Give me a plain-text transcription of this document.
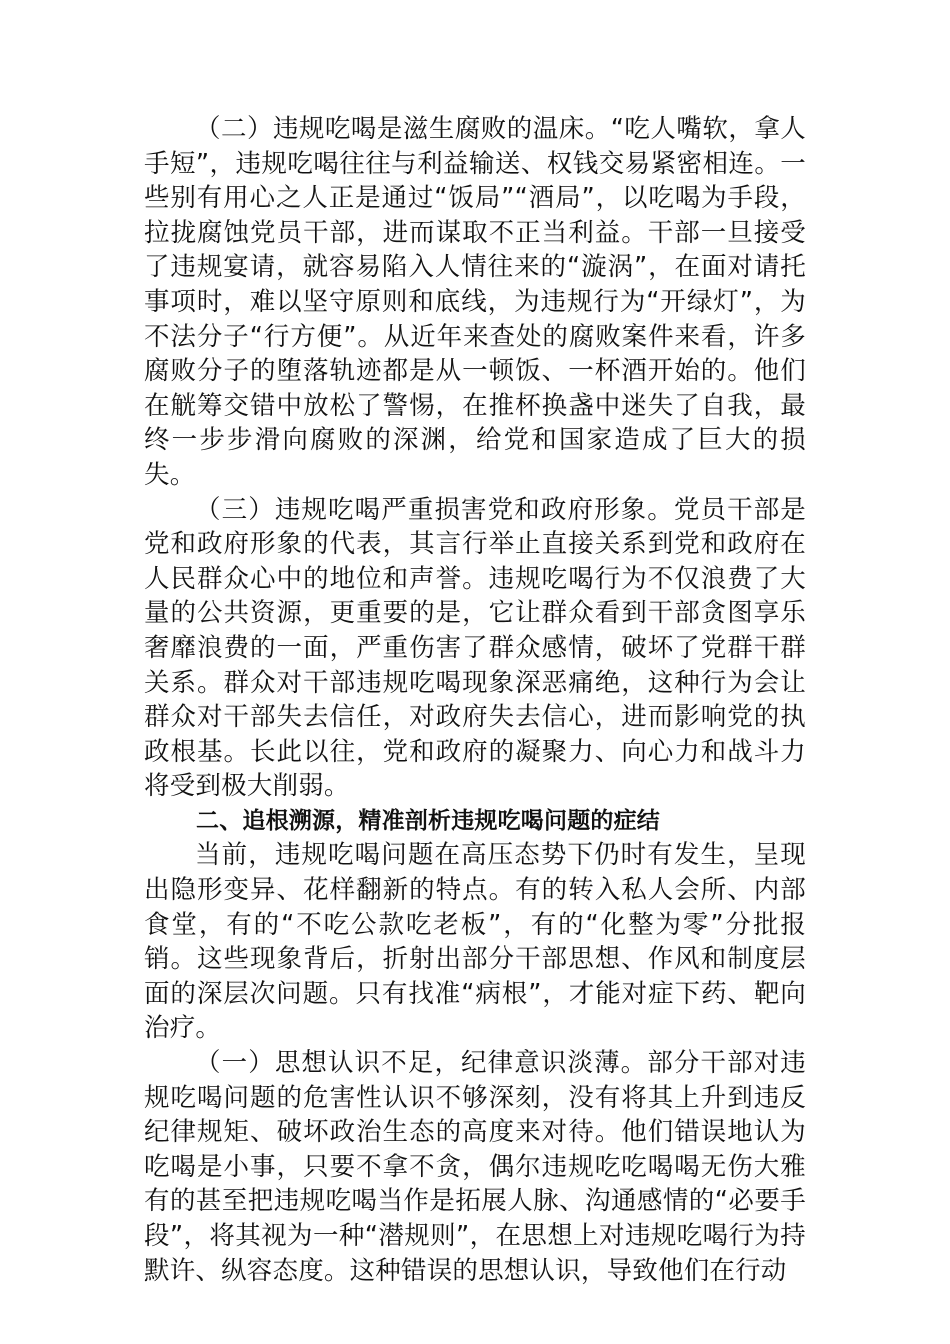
（二）违规吃喝是滋生腐败的温床。“吃人嘴软，拿人手短”，违规吃喝往往与利益输送、权钱交易紧密相连。一些别有用心之人正是通过“饭局”“酒局”，以吃喝为手段，拉拢腐蚀党员干部，进而谋取不正当利益。干部一旦接受了违规宴请，就容易陷入人情往来的“漩涡”，在面对请托事项时，难以坚守原则和底线，为违规行为“开绿灯”，为不法分子“行方便”。从近年来查处的腐败案件来看，许多腐败分子的堕落轨迹都是从一顿饭、一杯酒开始的。他们在觥筹交错中放松了警惕，在推杯换盏中迷失了自我，最终一步步滑向腐败的深渊，给党和国家造成了巨大的损失。

（三）违规吃喝严重损害党和政府形象。党员干部是党和政府形象的代表，其言行举止直接关系到党和政府在人民群众心中的地位和声誉。违规吃喝行为不仅浪费了大量的公共资源，更重要的是，它让群众看到干部贪图享乐奢靡浪费的一面，严重伤害了群众感情，破坏了党群干群关系。群众对干部违规吃喝现象深恶痛绝，这种行为会让群众对干部失去信任，对政府失去信心，进而影响党的执政根基。长此以往，党和政府的凝聚力、向心力和战斗力将受到极大削弱。

二、追根溯源，精准剖析违规吃喝问题的症结

当前，违规吃喝问题在高压态势下仍时有发生，呈现出隐形变异、花样翻新的特点。有的转入私人会所、内部食堂，有的“不吃公款吃老板”，有的“化整为零”分批报销。这些现象背后，折射出部分干部思想、作风和制度层面的深层次问题。只有找准“病根”，才能对症下药、靶向治疗。

（一）思想认识不足，纪律意识淡薄。部分干部对违规吃喝问题的危害性认识不够深刻，没有将其上升到违反纪律规矩、破坏政治生态的高度来对待。他们错误地认为吃喝是小事，只要不拿不贪，偶尔违规吃吃喝喝无伤大雅有的甚至把违规吃喝当作是拓展人脉、沟通感情的“必要手段”，将其视为一种“潜规则”，在思想上对违规吃喝行为持默许、纵容态度。这种错误的思想认识，导致他们在行动
